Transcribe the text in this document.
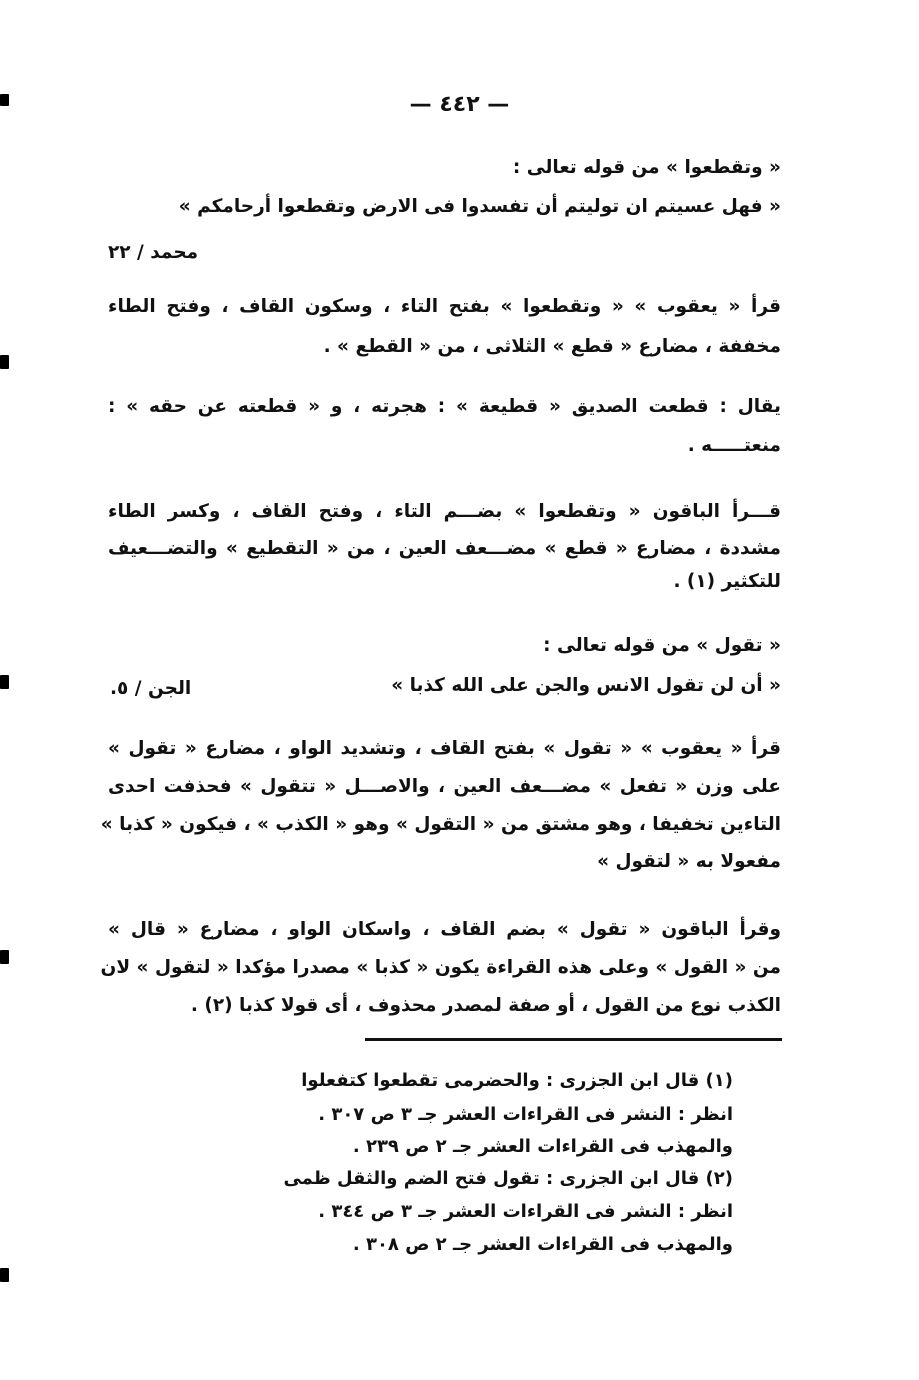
— ٤٤٢ —
« وتقطعوا » من قوله تعالى :
« فهل عسيتم ان توليتم أن تفسدوا فى الارض وتقطعوا أرحامكم »
محمد / ٢٢
قرأ « يعقوب » « وتقطعوا » بفتح التاء ، وسكون القاف ، وفتح الطاء
مخففة ، مضارع « قطع » الثلاثى ، من « القطع » .
يقال : قطعت الصديق « قطيعة » : هجرته ، و « قطعته عن حقه » :
منعتـــــه .
قـــرأ الباقون « وتقطعوا » بضـــم التاء ، وفتح القاف ، وكسر الطاء
مشددة ، مضارع « قطع » مضـــعف العين ، من « التقطيع » والتضـــعيف
للتكثير (١) .
« تقول » من قوله تعالى :
« أن لن تقول الانس والجن على الله كذبا »
الجن / ٥.
قرأ « يعقوب » « تقول » بفتح القاف ، وتشديد الواو ، مضارع « تقول »
على وزن « تفعل » مضـــعف العين ، والاصـــل « تتقول » فحذفت احدى
التاءين تخفيفا ، وهو مشتق من « التقول » وهو « الكذب » ، فيكون « كذبا »
مفعولا به « لتقول »
وقرأ الباقون « تقول » بضم القاف ، واسكان الواو ، مضارع « قال »
من « القول » وعلى هذه القراءة يكون « كذبا » مصدرا مؤكدا « لتقول » لان
الكذب نوع من القول ، أو صفة لمصدر محذوف ، أى قولا كذبا (٢) .
(١) قال ابن الجزرى : والحضرمى تقطعوا كتفعلوا
انظر : النشر فى القراءات العشر جـ ٣ ص ٣٠٧ .
والمهذب فى القراءات العشر جـ ٢ ص ٢٣٩ .
(٢) قال ابن الجزرى : تقول فتح الضم والثقل ظمى
انظر : النشر فى القراءات العشر جـ ٣ ص ٣٤٤ .
والمهذب فى القراءات العشر جـ ٢ ص ٣٠٨ .
